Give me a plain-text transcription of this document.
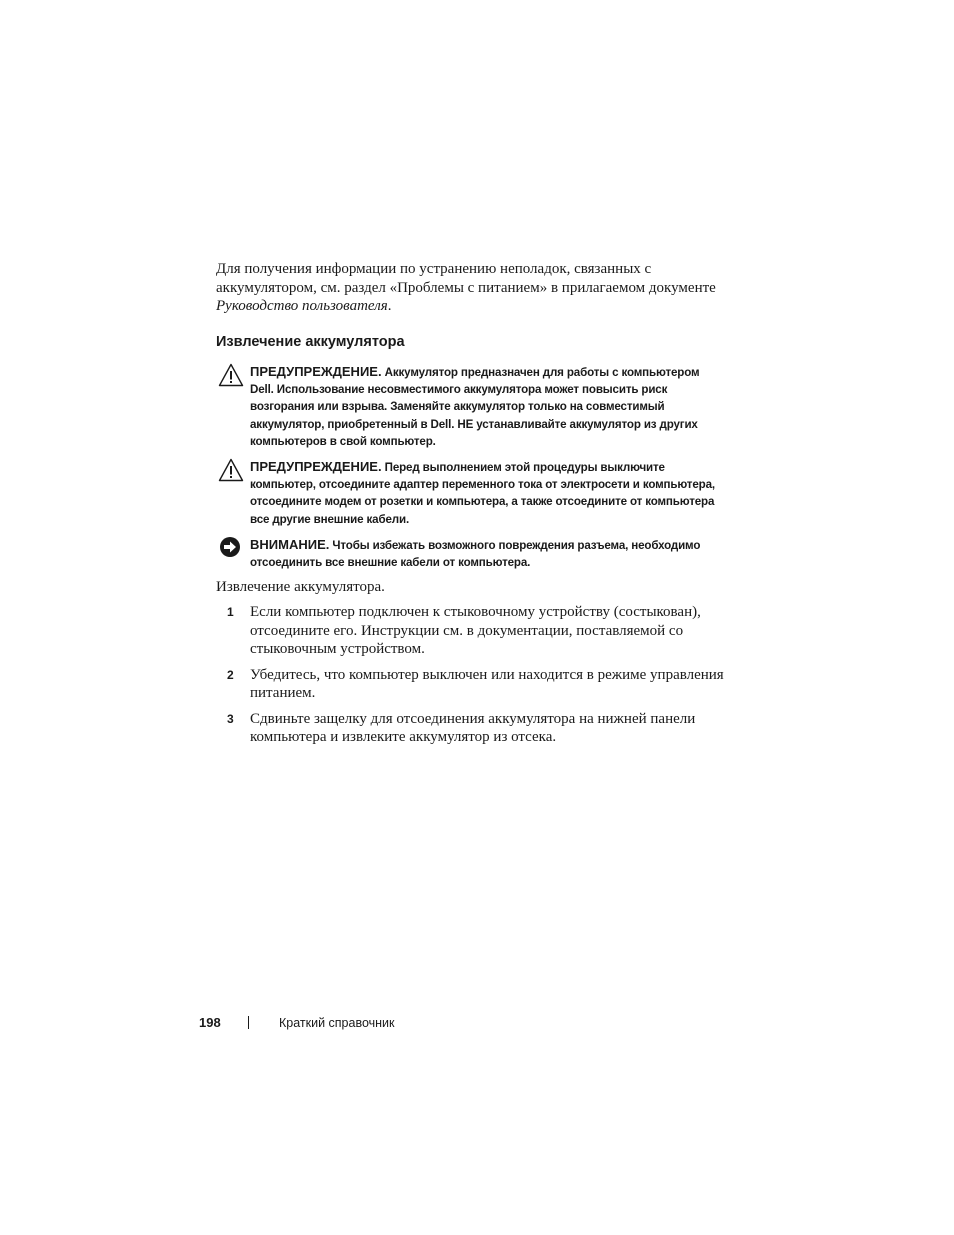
Для получения информации по устранению неполадок, связанных с аккумулятором, см. раздел «Проблемы с питанием» в прилагаемом документе Руководство пользователя.

Извлечение аккумулятора
ПРЕДУПРЕЖДЕНИЕ. Аккумулятор предназначен для работы с компьютером Dell. Использование несовместимого аккумулятора может повысить риск возгорания или взрыва. Заменяйте аккумулятор только на совместимый аккумулятор, приобретенный в Dell. НЕ устанавливайте аккумулятор из других компьютеров в свой компьютер.
ПРЕДУПРЕЖДЕНИЕ. Перед выполнением этой процедуры выключите компьютер, отсоедините адаптер переменного тока от электросети и компьютера, отсоедините модем от розетки и компьютера, а также отсоедините от компьютера все другие внешние кабели.
ВНИМАНИЕ. Чтобы избежать возможного повреждения разъема, необходимо отсоединить все внешние кабели от компьютера.

Извлечение аккумулятора.

1 Если компьютер подключен к стыковочному устройству (состыкован), отсоедините его. Инструкции см. в документации, поставляемой со стыковочным устройством.
2 Убедитесь, что компьютер выключен или находится в режиме управления питанием.
3 Сдвиньте защелку для отсоединения аккумулятора на нижней панели компьютера и извлеките аккумулятор из отсека.
198	Краткий справочник
